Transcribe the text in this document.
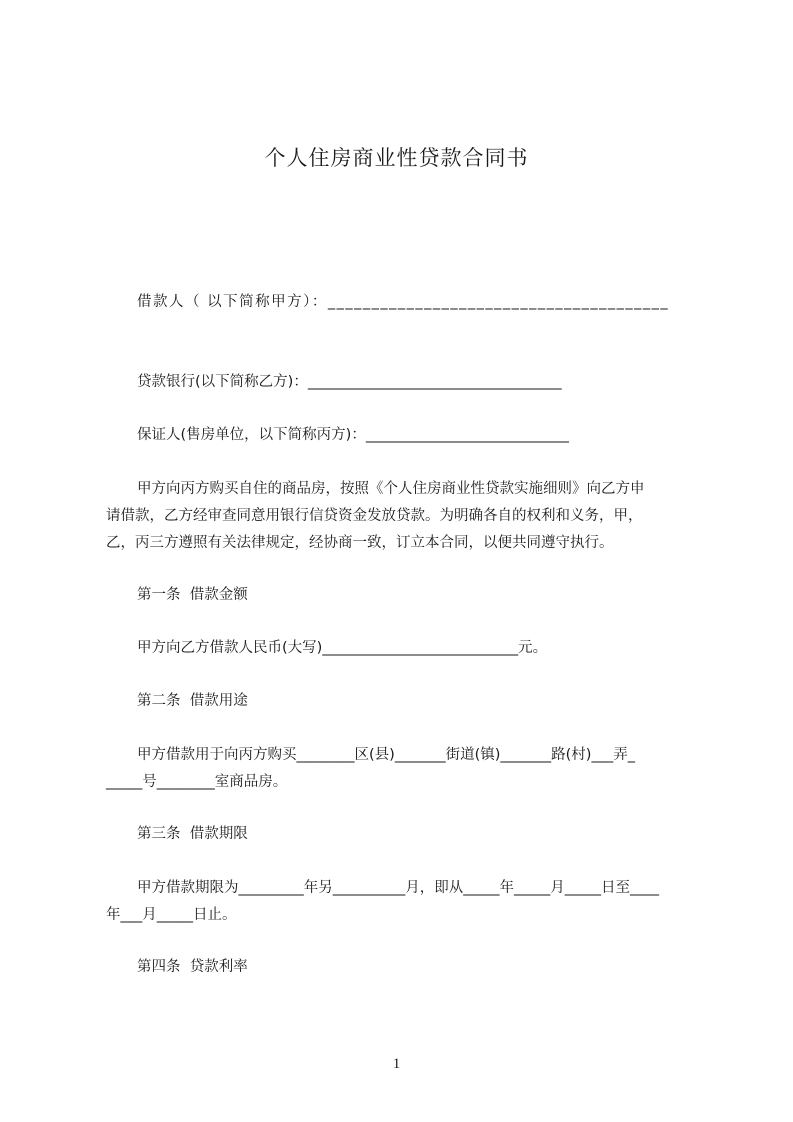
个人住房商业性贷款合同书
借款人（ 以下简称甲方）：_______________________________________
贷款银行(以下简称乙方)：___________________________________
保证人(售房单位，以下简称丙方)：____________________________
甲方向丙方购买自住的商品房，按照《个人住房商业性贷款实施细则》向乙方申
请借款，乙方经审查同意用银行信贷资金发放贷款。为明确各自的权利和义务，甲，
乙，丙三方遵照有关法律规定，经协商一致，订立本合同，以便共同遵守执行。
第一条  借款金额
甲方向乙方借款人民币(大写)___________________________元。
第二条  借款用途
甲方借款用于向丙方购买________区(县)_______街道(镇)_______路(村)___弄_
_____号________室商品房。
第三条  借款期限
甲方借款期限为_________年另__________月，即从_____年_____月_____日至____
年___月_____日止。
第四条  贷款利率
1
